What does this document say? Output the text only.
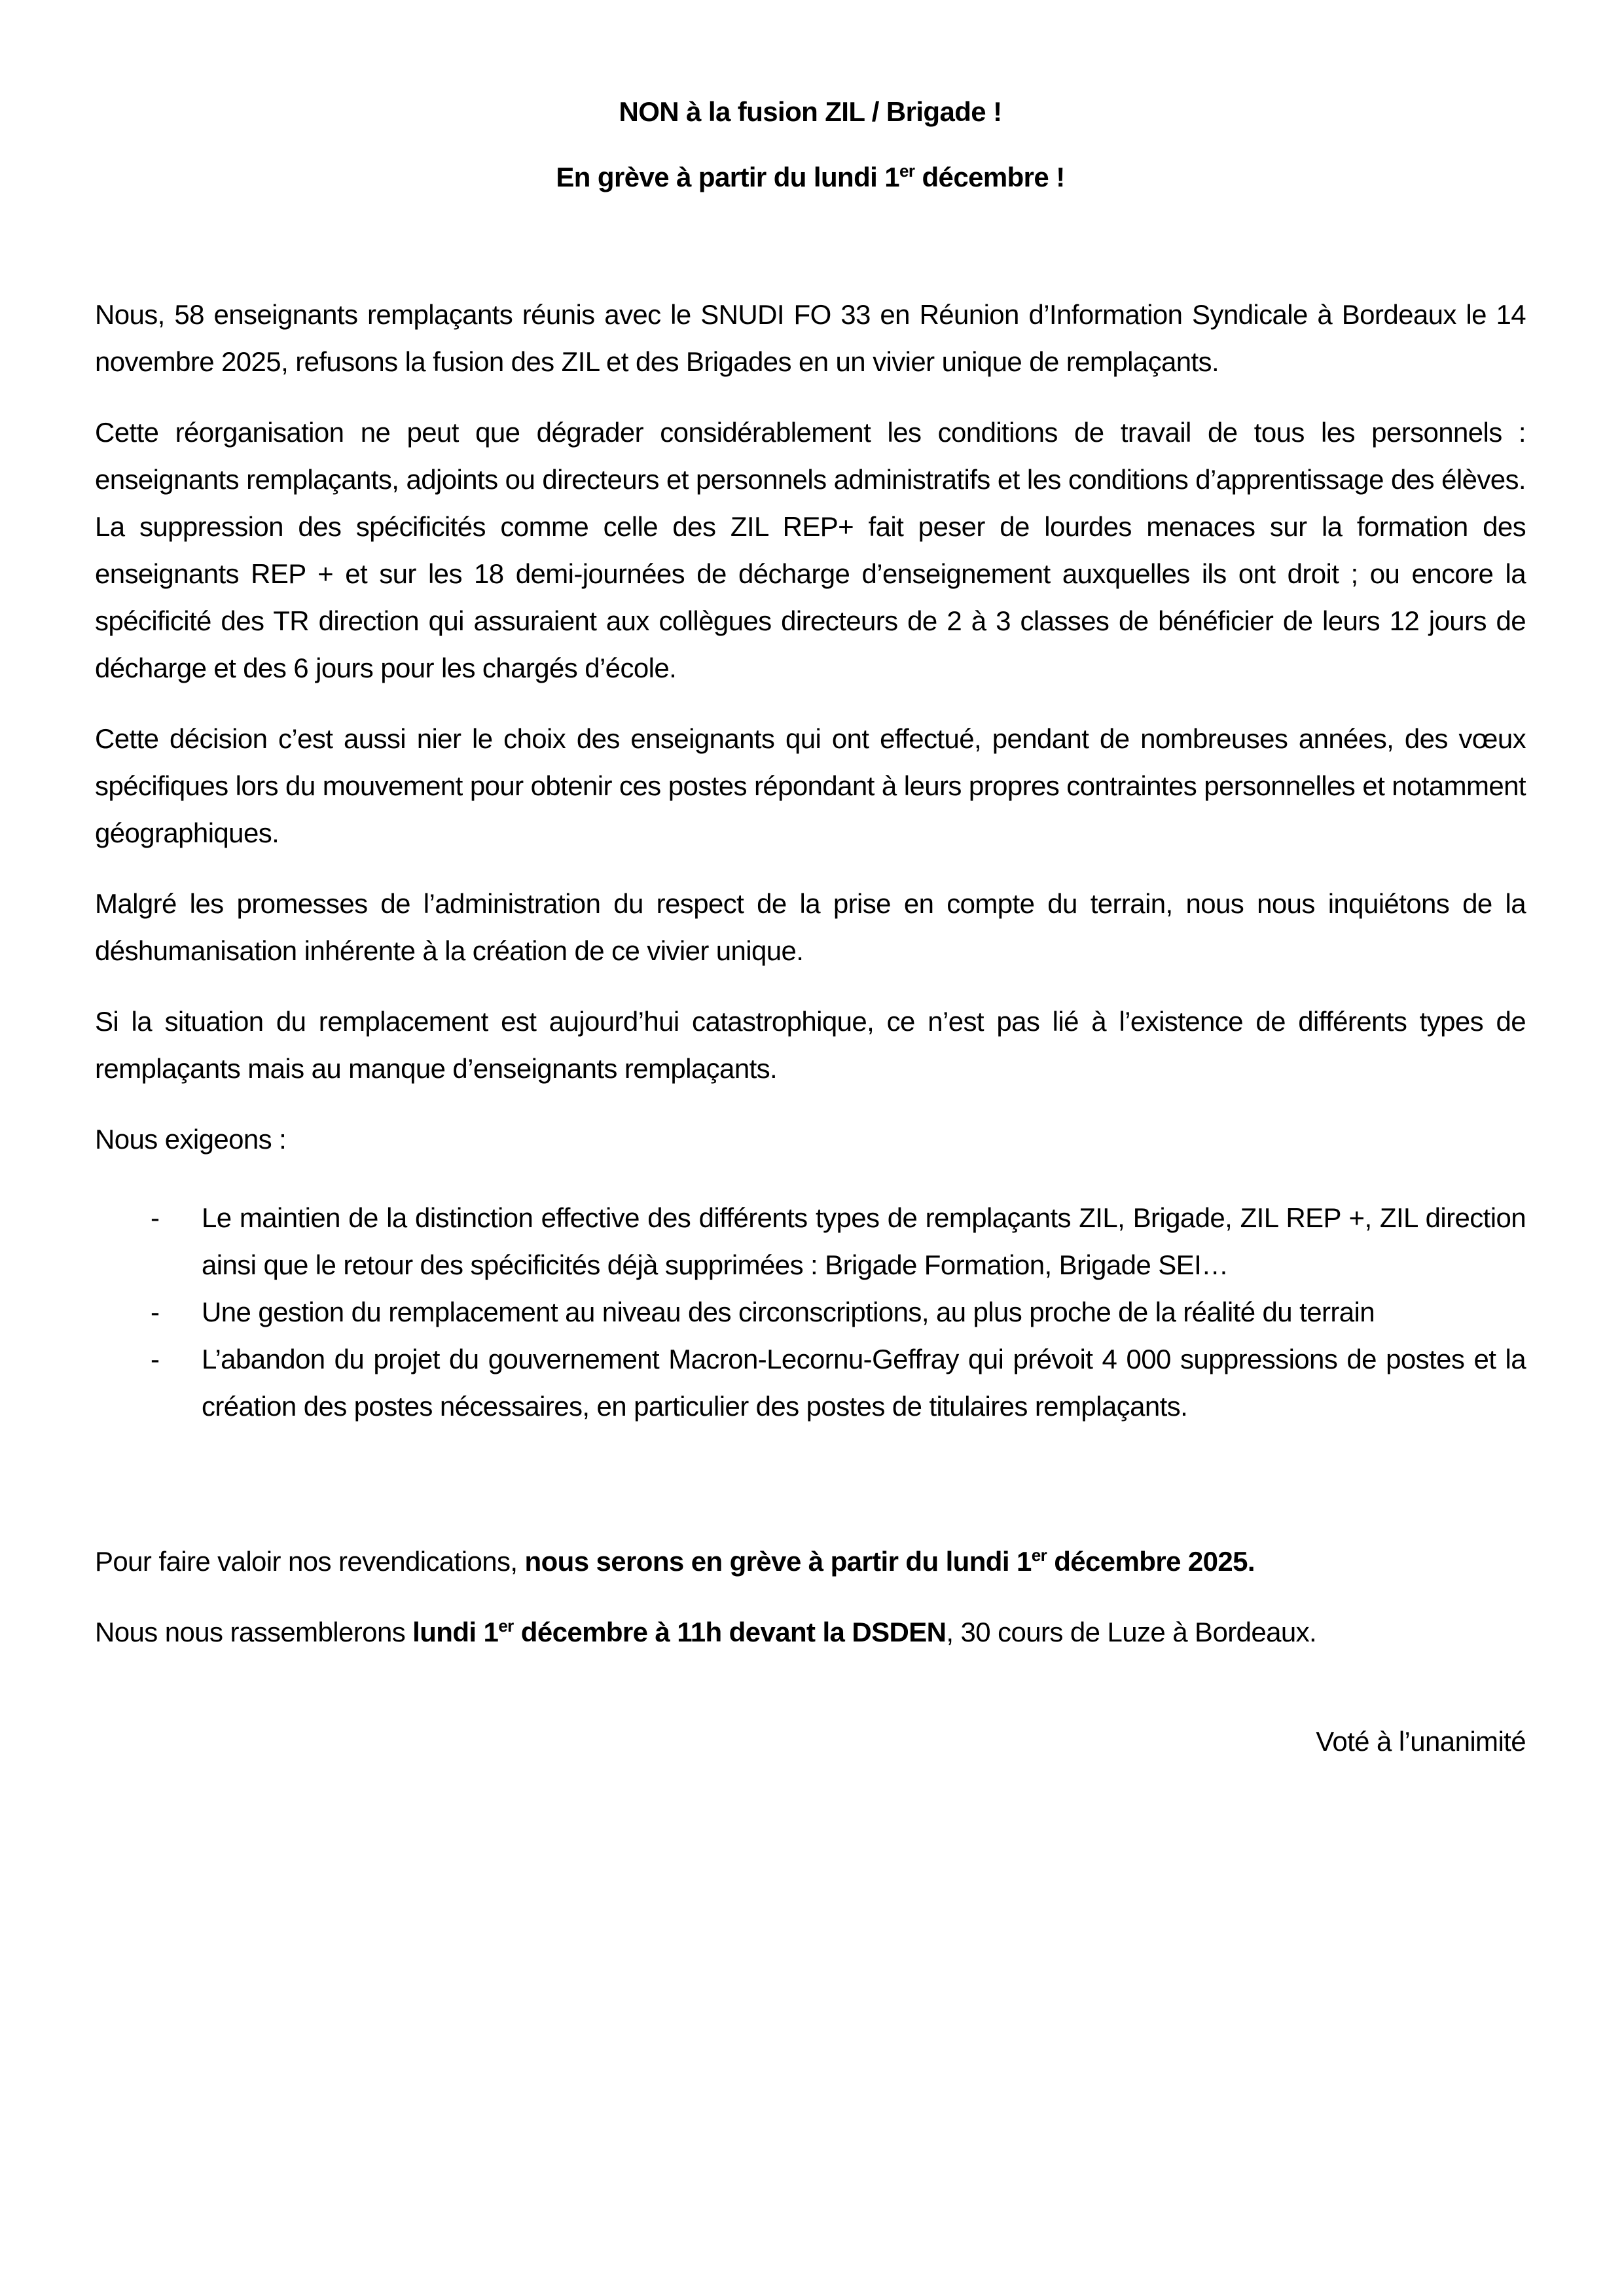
NON à la fusion ZIL / Brigade !

En grève à partir du lundi 1er décembre !

Nous, 58 enseignants remplaçants réunis avec le SNUDI FO 33 en Réunion d’Information Syndicale à Bordeaux le 14 novembre 2025, refusons la fusion des ZIL et des Brigades en un vivier unique de remplaçants.

Cette réorganisation ne peut que dégrader considérablement les conditions de travail de tous les personnels : enseignants remplaçants, adjoints ou directeurs et personnels administratifs et les conditions d’apprentissage des élèves. La suppression des spécificités comme celle des ZIL REP+ fait peser de lourdes menaces sur la formation des enseignants REP + et sur les 18 demi-journées de décharge d’enseignement auxquelles ils ont droit ; ou encore la spécificité des TR direction qui assuraient aux collègues directeurs de 2 à 3 classes de bénéficier de leurs 12 jours de décharge et des 6 jours pour les chargés d’école.

Cette décision c’est aussi nier le choix des enseignants qui ont effectué, pendant de nombreuses années, des vœux spécifiques lors du mouvement pour obtenir ces postes répondant à leurs propres contraintes personnelles et notamment géographiques.

Malgré les promesses de l’administration du respect de la prise en compte du terrain, nous nous inquiétons de la déshumanisation inhérente à la création de ce vivier unique.

Si la situation du remplacement est aujourd’hui catastrophique, ce n’est pas lié à l’existence de différents types de remplaçants mais au manque d’enseignants remplaçants.

Nous exigeons :

-	Le maintien de la distinction effective des différents types de remplaçants ZIL, Brigade, ZIL REP +, ZIL direction ainsi que le retour des spécificités déjà supprimées : Brigade Formation, Brigade SEI…
-	Une gestion du remplacement au niveau des circonscriptions, au plus proche de la réalité du terrain
-	L’abandon du projet du gouvernement Macron-Lecornu-Geffray qui prévoit 4 000 suppressions de postes et la création des postes nécessaires, en particulier des postes de titulaires remplaçants.

Pour faire valoir nos revendications, nous serons en grève à partir du lundi 1er décembre 2025.

Nous nous rassemblerons lundi 1er décembre à 11h devant la DSDEN, 30 cours de Luze à Bordeaux.

Voté à l’unanimité
